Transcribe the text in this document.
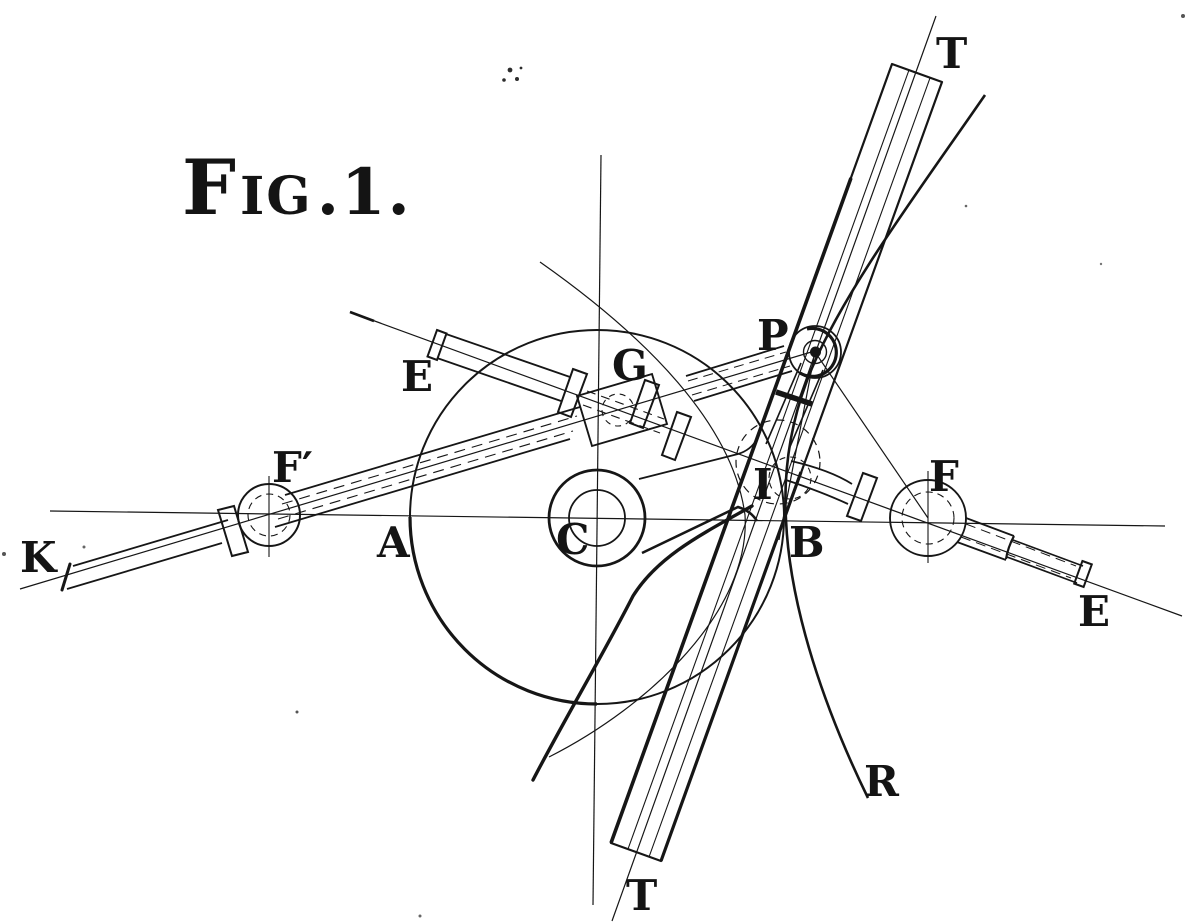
FIG.1.
T
E	G
P
F′
K	A	C
I
B
F
E
R
T
